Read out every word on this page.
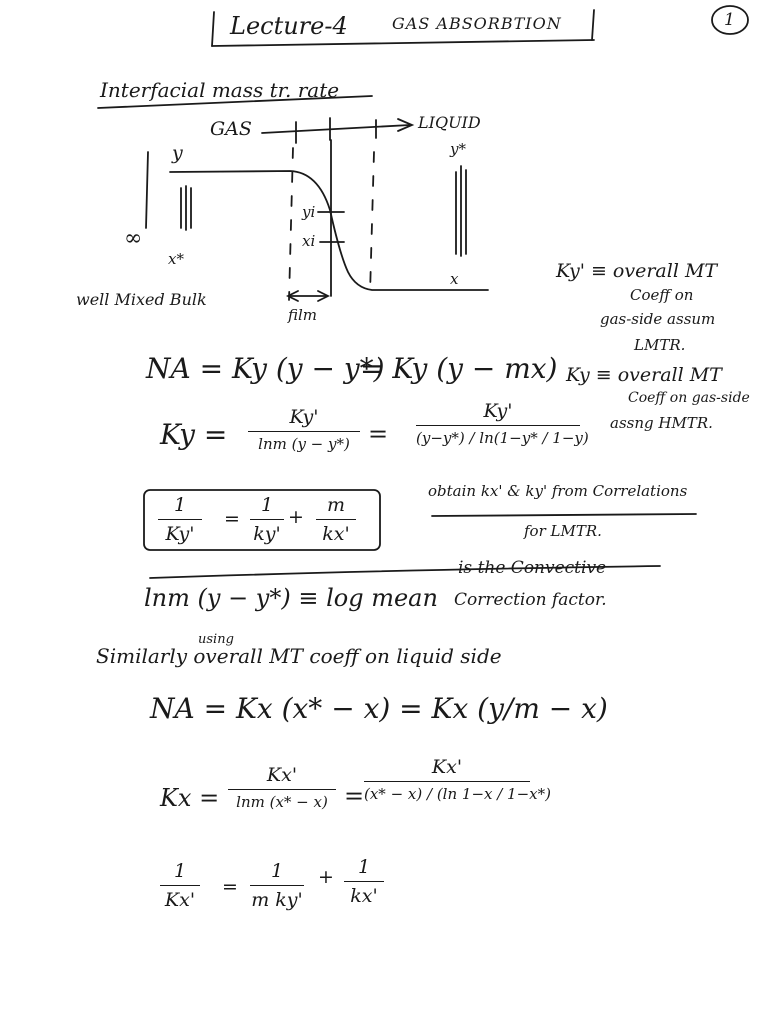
Lecture-4	GAS ABSORBTION	1
Interfacial mass tr. rate
GAS	LIQUID
y	y*
yi
xi
x*
x
∞
film
well Mixed Bulk
Ky' ≡ overall MT
Coeff on
gas-side assum
LMTR.
Ky ≡ overall MT
Coeff on gas-side
assng HMTR.
obtain kx' & ky' from Correlations
for LMTR.
NA = Ky (y − y*)
= Ky (y − mx)
Ky =
Ky'
lnm (y − y*) =
Ky'
(y−y*) / ln(1−y* / 1−y)
1
Ky'
=
1
ky'
+
m
kx'
lnm (y − y*) ≡ log mean
is the Convective
Correction factor.
using
Similarly overall MT coeff on liquid side
NA = Kx (x* − x) = Kx (y/m − x)
Kx =
Kx'
lnm (x* − x) =
Kx'
(x* − x) / (ln 1−x / 1−x*)
1
Kx'
=
1
m ky'
+	1
kx'
